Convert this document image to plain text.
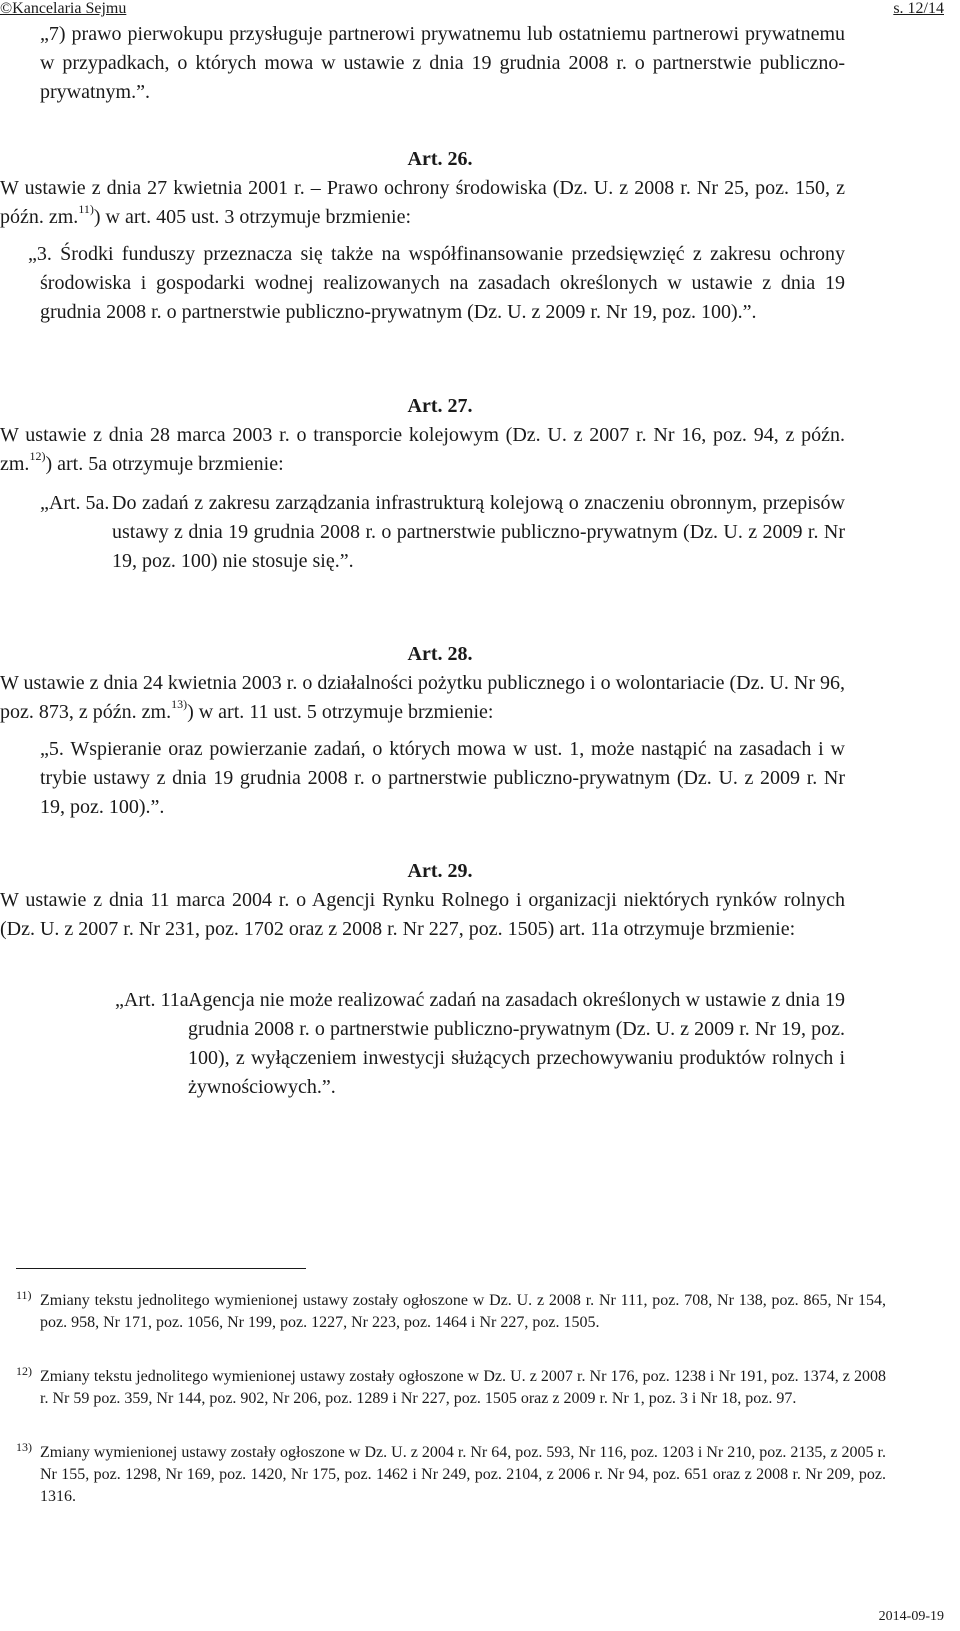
©Kancelaria Sejmu	s. 12/14

„7) prawo pierwokupu przysługuje partnerowi prywatnemu lub ostatniemu partnerowi prywatnemu w przypadkach, o których mowa w ustawie z dnia 19 grudnia 2008 r. o partnerstwie publiczno-prywatnym.”.

Art. 26.

W ustawie z dnia 27 kwietnia 2001 r. – Prawo ochrony środowiska (Dz. U. z 2008 r. Nr 25, poz. 150, z późn. zm.$^{11)}$) w art. 405 ust. 3 otrzymuje brzmienie:

„3. Środki funduszy przeznacza się także na współfinansowanie przedsięwzięć z zakresu ochrony środowiska i gospodarki wodnej realizowanych na zasadach określonych w ustawie z dnia 19 grudnia 2008 r. o partnerstwie publiczno-prywatnym (Dz. U. z 2009 r. Nr 19, poz. 100).”.

Art. 27.

W ustawie z dnia 28 marca 2003 r. o transporcie kolejowym (Dz. U. z 2007 r. Nr 16, poz. 94, z późn. zm.$^{12)}$) art. 5a otrzymuje brzmienie:

„Art. 5a. Do zadań z zakresu zarządzania infrastrukturą kolejową o znaczeniu obronnym, przepisów ustawy z dnia 19 grudnia 2008 r. o partnerstwie publiczno-prywatnym (Dz. U. z 2009 r. Nr 19, poz. 100) nie stosuje się.”.

Art. 28.

W ustawie z dnia 24 kwietnia 2003 r. o działalności pożytku publicznego i o wolontariacie (Dz. U. Nr 96, poz. 873, z późn. zm.$^{13)}$) w art. 11 ust. 5 otrzymuje brzmienie:

„5. Wspieranie oraz powierzanie zadań, o których mowa w ust. 1, może nastąpić na zasadach i w trybie ustawy z dnia 19 grudnia 2008 r. o partnerstwie publiczno-prywatnym (Dz. U. z 2009 r. Nr 19, poz. 100).”.

Art. 29.

W ustawie z dnia 11 marca 2004 r. o Agencji Rynku Rolnego i organizacji niektórych rynków rolnych (Dz. U. z 2007 r. Nr 231, poz. 1702 oraz z 2008 r. Nr 227, poz. 1505) art. 11a otrzymuje brzmienie:

„Art. 11a.

Agencja nie może realizować zadań na zasadach określonych w ustawie z dnia 19 grudnia 2008 r. o partnerstwie publiczno-prywatnym (Dz. U. z 2009 r. Nr 19, poz. 100), z wyłączeniem inwestycji służących przechowywaniu produktów rolnych i żywnościowych.”.

11) Zmiany tekstu jednolitego wymienionej ustawy zostały ogłoszone w Dz. U. z 2008 r. Nr 111, poz. 708, Nr 138, poz. 865, Nr 154, poz. 958, Nr 171, poz. 1056, Nr 199, poz. 1227, Nr 223, poz. 1464 i Nr 227, poz. 1505.
12) Zmiany tekstu jednolitego wymienionej ustawy zostały ogłoszone w Dz. U. z 2007 r. Nr 176, poz. 1238 i Nr 191, poz. 1374, z 2008 r. Nr 59 poz. 359, Nr 144, poz. 902, Nr 206, poz. 1289 i Nr 227, poz. 1505 oraz z 2009 r. Nr 1, poz. 3 i Nr 18, poz. 97.
13) Zmiany wymienionej ustawy zostały ogłoszone w Dz. U. z 2004 r. Nr 64, poz. 593, Nr 116, poz. 1203 i Nr 210, poz. 2135, z 2005 r. Nr 155, poz. 1298, Nr 169, poz. 1420, Nr 175, poz. 1462 i Nr 249, poz. 2104, z 2006 r. Nr 94, poz. 651 oraz z 2008 r. Nr 209, poz. 1316.
2014-09-19
